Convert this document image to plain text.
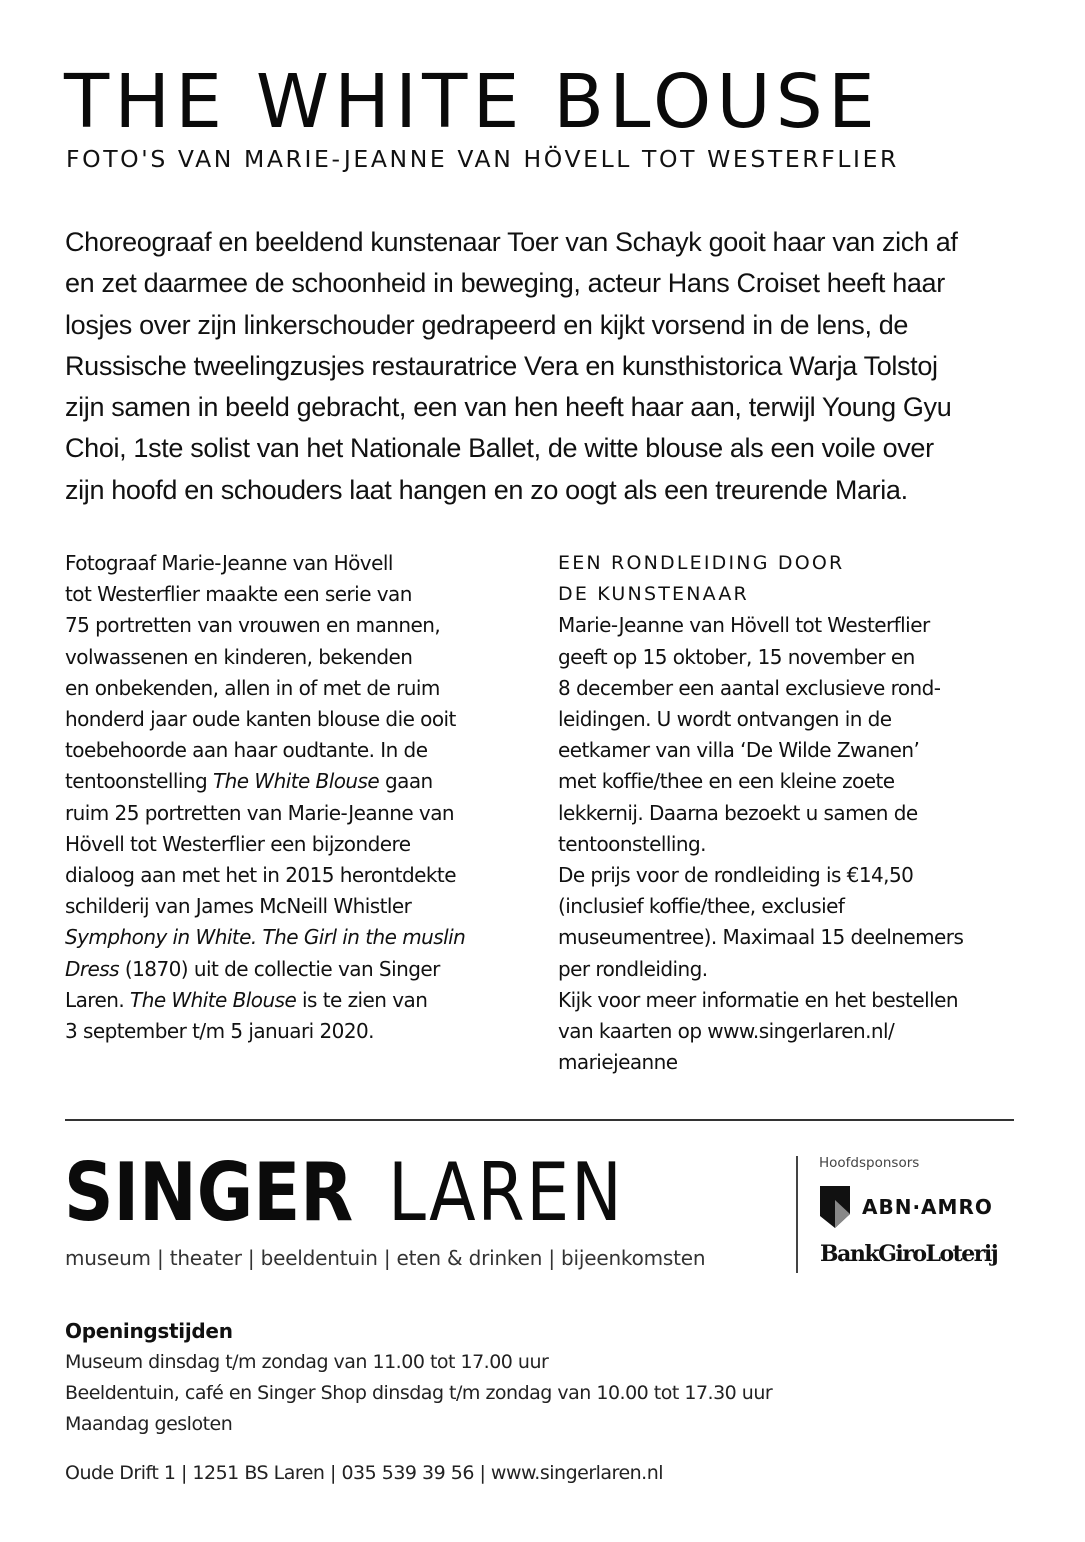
THE WHITE BLOUSE
FOTO'S VAN MARIE-JEANNE VAN HÖVELL TOT WESTERFLIER
Choreograaf en beeldend kunstenaar Toer van Schayk gooit haar van zich af
en zet daarmee de schoonheid in beweging, acteur Hans Croiset heeft haar
losjes over zijn linkerschouder gedrapeerd en kijkt vorsend in de lens, de
Russische tweelingzusjes restauratrice Vera en kunsthistorica Warja Tolstoj
zijn samen in beeld gebracht, een van hen heeft haar aan, terwijl Young Gyu
Choi, 1ste solist van het Nationale Ballet, de witte blouse als een voile over
zijn hoofd en schouders laat hangen en zo oogt als een treurende Maria.
Fotograaf Marie-Jeanne van Hövell
tot Westerflier maakte een serie van
75 portretten van vrouwen en mannen,
volwassenen en kinderen, bekenden
en onbekenden, allen in of met de ruim
honderd jaar oude kanten blouse die ooit
toebehoorde aan haar oudtante. In de
tentoonstelling The White Blouse gaan
ruim 25 portretten van Marie-Jeanne van
Hövell tot Westerflier een bijzondere
dialoog aan met het in 2015 herontdekte
schilderij van James McNeill Whistler
Symphony in White. The Girl in the muslin
Dress (1870) uit de collectie van Singer
Laren. The White Blouse is te zien van
3 september t/m 5 januari 2020.
EEN RONDLEIDING DOOR
DE KUNSTENAAR
Marie-Jeanne van Hövell tot Westerflier
geeft op 15 oktober, 15 november en
8 december een aantal exclusieve rond-
leidingen. U wordt ontvangen in de
eetkamer van villa ‘De Wilde Zwanen’
met koffie/thee en een kleine zoete
lekkernij. Daarna bezoekt u samen de
tentoonstelling.
De prijs voor de rondleiding is €14,50
(inclusief koffie/thee, exclusief
museumentree). Maximaal 15 deelnemers
per rondleiding.
Kijk voor meer informatie en het bestellen
van kaarten op www.singerlaren.nl/
mariejeanne
SINGER LAREN
museum | theater | beeldentuin | eten & drinken | bijeenkomsten
Hoofdsponsors
ABN·AMRO
BankGiroLoterij
Openingstijden
Museum dinsdag t/m zondag van 11.00 tot 17.00 uur
Beeldentuin, café en Singer Shop dinsdag t/m zondag van 10.00 tot 17.30 uur
Maandag gesloten
Oude Drift 1 | 1251 BS Laren | 035 539 39 56 | www.singerlaren.nl
